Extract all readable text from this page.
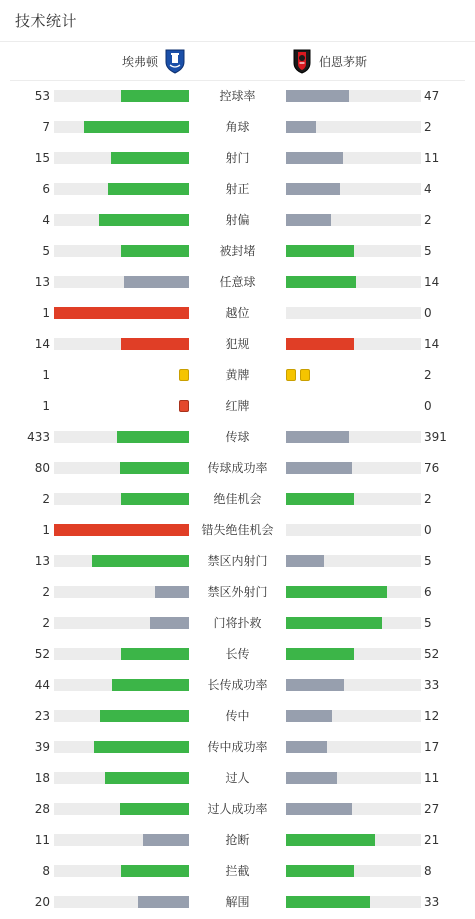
技术统计
埃弗顿	伯恩茅斯
53	控球率	47
7	角球	2
15	射门	11
6	射正	4
4	射偏	2
5	被封堵	5
13	任意球	14
1	越位	0
14	犯规	14
1	黄牌	2
1	红牌	0
433	传球	391
80	传球成功率	76
2	绝佳机会	2
1	错失绝佳机会	0
13	禁区内射门	5
2	禁区外射门	6
2	门将扑救	5
52	长传	52
44	长传成功率	33
23	传中	12
39	传中成功率	17
18	过人	11
28	过人成功率	27
11	抢断	21
8	拦截	8
20	解围	33
